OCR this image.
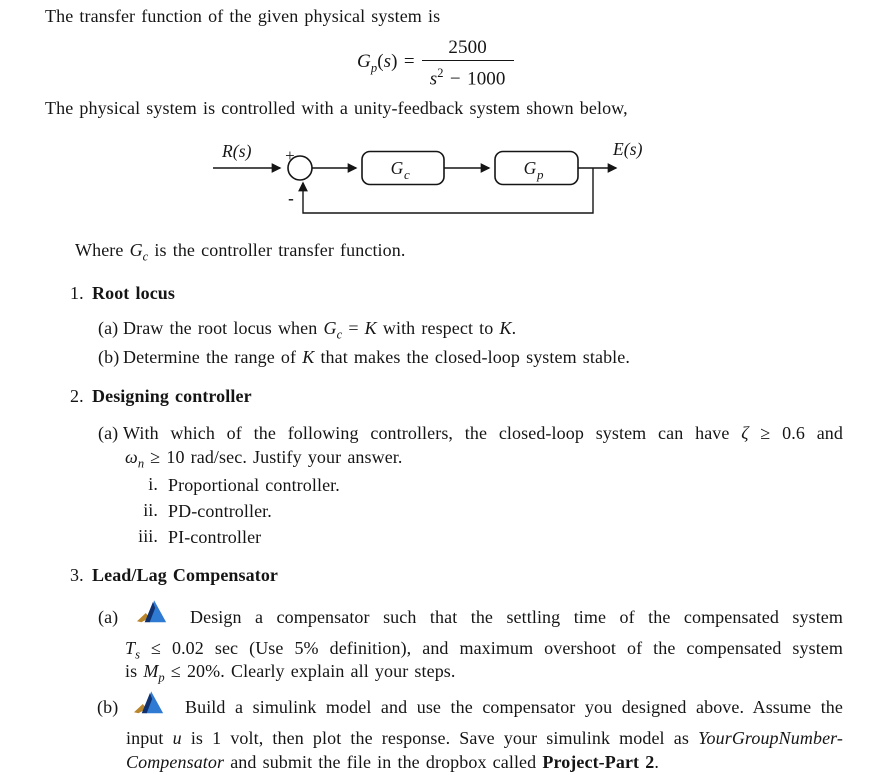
The transfer function of the given physical system is
$G_p(s) = \frac{2500}{s^2 - 1000}$
The physical system is controlled with a unity-feedback system shown below,
R(s) +
-
G c	G p
E(s)
Where $G_c$ is the controller transfer function.
1. Root locus
(a) Draw the root locus when $G_c = K$ with respect to K.
(b) Determine the range of K that makes the closed-loop system stable.
2. Designing controller
(a) With which of the following controllers, the closed-loop system can have ζ ≥ 0.6 and
$\omega_n \ge 10$ rad/sec. Justify your answer.
i. Proportional controller.
ii. PD-controller.
iii. PI-controller
3. Lead/Lag Compensator
(a)	Design a compensator such that the settling time of the compensated system
$T_s \le 0.02$ sec (Use 5% definition), and maximum overshoot of the compensated system
is $M_p \le 20\%$. Clearly explain all your steps.
(b)	Build a simulink model and use the compensator you designed above. Assume the
input u is 1 volt, then plot the response. Save your simulink model as YourGroupNumber-
Compensator and submit the file in the dropbox called Project-Part 2.
